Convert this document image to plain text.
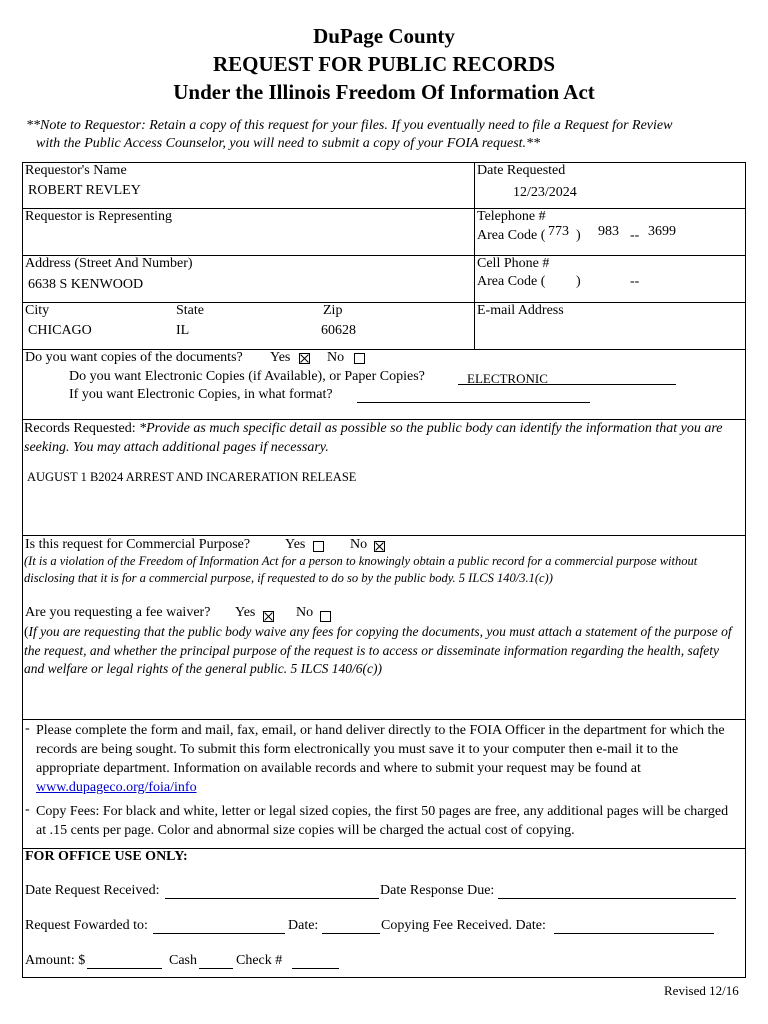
DuPage County
REQUEST FOR PUBLIC RECORDS
Under the Illinois Freedom Of Information Act
**Note to Requestor: Retain a copy of this request for your files. If you eventually need to file a Request for Review
with the Public Access Counselor, you will need to submit a copy of your FOIA request.**
Requestor's Name
ROBERT REVLEY
Date Requested
12/23/2024
Requestor is Representing	Telephone #
Area Code ( 773 ) 983 -- 3699
Address (Street And Number)
6638 S KENWOOD
Cell Phone #
Area Code ( )	--
City
CHICAGO
State
IL
Zip
60628
E-mail Address
Do you want copies of the documents? Yes	No
Do you want Electronic Copies (if Available), or Paper Copies?	ELECTRONIC
If you want Electronic Copies, in what format?
Records Requested: *Provide as much specific detail as possible so the public body can identify the information that you are seeking. You may attach additional pages if necessary.
AUGUST 1 B2024 ARREST AND INCARERATION RELEASE
Is this request for Commercial Purpose? Yes	No
(It is a violation of the Freedom of Information Act for a person to knowingly obtain a public record for a commercial purpose without disclosing that it is for a commercial purpose, if requested to do so by the public body. 5 ILCS 140/3.1(c))
Are you requesting a fee waiver? Yes	No
(If you are requesting that the public body waive any fees for copying the documents, you must attach a statement of the purpose of the request, and whether the principal purpose of the request is to access or disseminate information regarding the health, safety and welfare or legal rights of the general public. 5 ILCS 140/6(c))
- Please complete the form and mail, fax, email, or hand deliver directly to the FOIA Officer in the department for which the records are being sought. To submit this form electronically you must save it to your computer then e-mail it to the appropriate department. Information on available records and where to submit your request may be found at www.dupageco.org/foia/info
- Copy Fees: For black and white, letter or legal sized copies, the first 50 pages are free, any additional pages will be charged at .15 cents per page. Color and abnormal size copies will be charged the actual cost of copying.
FOR OFFICE USE ONLY:
Date Request Received:	Date Response Due:
Request Fowarded to:	Date:	Copying Fee Received. Date:
Amount: $	Cash	Check #
Revised 12/16
